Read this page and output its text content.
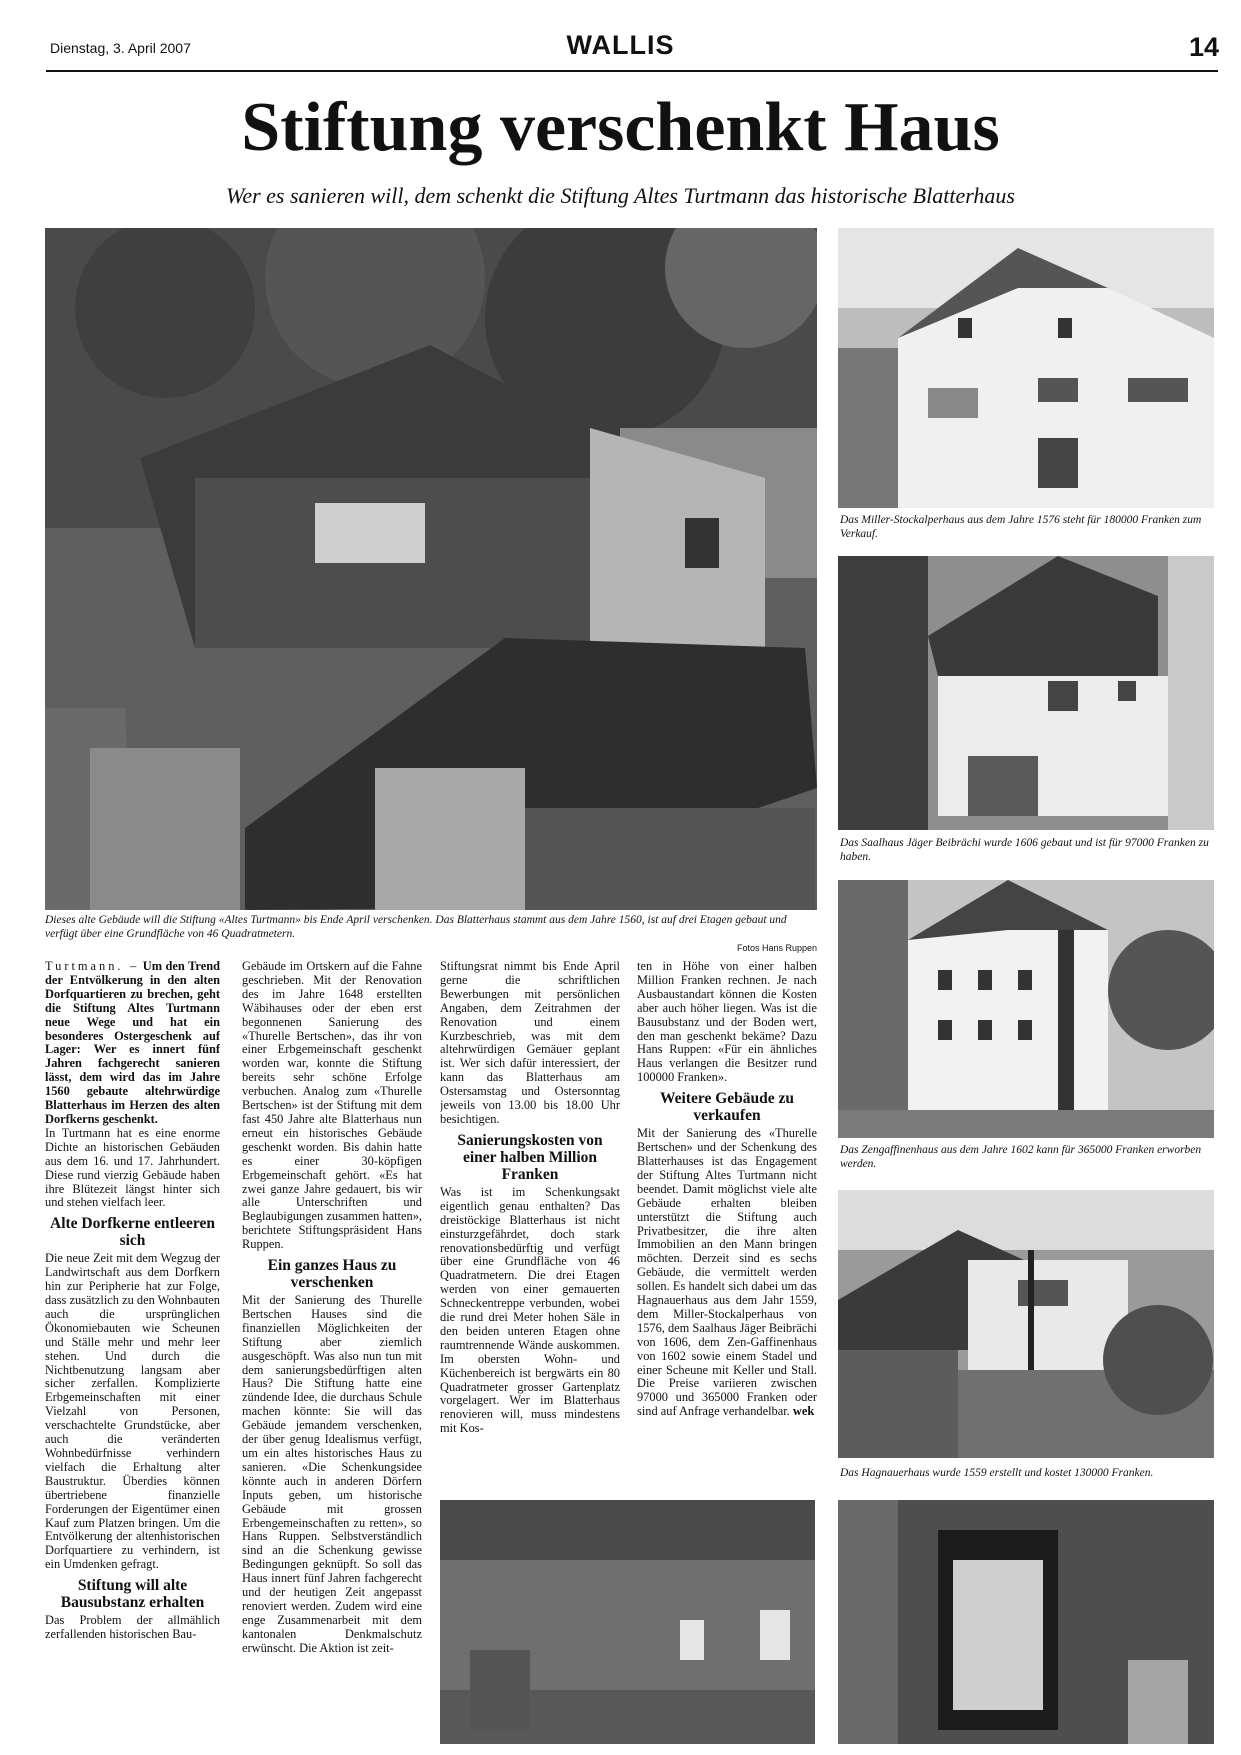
Dienstag, 3. April 2007	WALLIS	14
Stiftung verschenkt Haus
Wer es sanieren will, dem schenkt die Stiftung Altes Turtmann das historische Blatterhaus
Dieses alte Gebäude will die Stiftung «Altes Turtmann» bis Ende April verschenken. Das Blatterhaus stammt aus dem Jahre 1560, ist auf drei Etagen gebaut und verfügt über eine Grundfläche von 46 Quadratmetern.
Fotos Hans Ruppen
Das Miller-Stockalperhaus aus dem Jahre 1576 steht für 180000 Franken zum Verkauf.
Das Saalhaus Jäger Beibrächi wurde 1606 gebaut und ist für 97000 Franken zu haben.
Das Zengaffinenhaus aus dem Jahre 1602 kann für 365000 Franken erworben werden.
Das Hagnauerhaus wurde 1559 erstellt und kostet 130000 Franken.

Turtmann. – Um den Trend der Entvölkerung in den alten Dorfquartieren zu brechen, geht die Stiftung Altes Turtmann neue Wege und hat ein besonderes Ostergeschenk auf Lager: Wer es innert fünf Jahren fachgerecht sanieren lässt, dem wird das im Jahre 1560 gebaute altehrwürdige Blatterhaus im Herzen des alten Dorfkerns geschenkt.

In Turtmann hat es eine enorme Dichte an historischen Gebäuden aus dem 16. und 17. Jahrhundert. Diese rund vierzig Gebäude haben ihre Blütezeit längst hinter sich und stehen vielfach leer.

Alte Dorfkerne entleeren sich

Die neue Zeit mit dem Wegzug der Landwirtschaft aus dem Dorfkern hin zur Peripherie hat zur Folge, dass zusätzlich zu den Wohnbauten auch die ursprünglichen Ökonomiebauten wie Scheunen und Ställe mehr und mehr leer stehen. Und durch die Nichtbenutzung langsam aber sicher zerfallen. Komplizierte Erbgemeinschaften mit einer Vielzahl von Personen, verschachtelte Grundstücke, aber auch die veränderten Wohnbedürfnisse verhindern vielfach die Erhaltung alter Baustruktur. Überdies können übertriebene finanzielle Forderungen der Eigentümer einen Kauf zum Platzen bringen. Um die Entvölkerung der altenhistorischen Dorfquartiere zu verhindern, ist ein Umdenken gefragt.

Stiftung will alte Bausubstanz erhalten

Das Problem der allmählich zerfallenden historischen Bau-

Gebäude im Ortskern auf die Fahne geschrieben. Mit der Renovation des im Jahre 1648 erstellten Wäbihauses oder der eben erst begonnenen Sanierung des «Thurelle Bertschen», das ihr von einer Erbgemeinschaft geschenkt worden war, konnte die Stiftung bereits sehr schöne Erfolge verbuchen. Analog zum «Thurelle Bertschen» ist der Stiftung mit dem fast 450 Jahre alte Blatterhaus nun erneut ein historisches Gebäude geschenkt worden. Bis dahin hatte es einer 30-köpfigen Erbgemeinschaft gehört. «Es hat zwei ganze Jahre gedauert, bis wir alle Unterschriften und Beglaubigungen zusammen hatten», berichtete Stiftungspräsident Hans Ruppen.

Ein ganzes Haus zu verschenken

Mit der Sanierung des Thurelle Bertschen Hauses sind die finanziellen Möglichkeiten der Stiftung aber ziemlich ausgeschöpft. Was also nun tun mit dem sanierungsbedürftigen alten Haus? Die Stiftung hatte eine zündende Idee, die durchaus Schule machen könnte: Sie will das Gebäude jemandem verschenken, der über genug Idealismus verfügt, um ein altes historisches Haus zu sanieren. «Die Schenkungsidee könnte auch in anderen Dörfern Inputs geben, um historische Gebäude mit grossen Erbengemeinschaften zu retten», so Hans Ruppen. Selbstverständlich sind an die Schenkung gewisse Bedingungen geknüpft. So soll das Haus innert fünf Jahren fachgerecht und der heutigen Zeit angepasst renoviert werden. Zudem wird eine enge Zusammenarbeit mit dem kantonalen Denkmalschutz erwünscht. Die Aktion ist zeit-

Stiftungsrat nimmt bis Ende April gerne die schriftlichen Bewerbungen mit persönlichen Angaben, dem Zeitrahmen der Renovation und einem Kurzbeschrieb, was mit dem altehrwürdigen Gemäuer geplant ist. Wer sich dafür interessiert, der kann das Blatterhaus am Ostersamstag und Ostersonntag jeweils von 13.00 bis 18.00 Uhr besichtigen.

Sanierungskosten von einer halben Million Franken

Was ist im Schenkungsakt eigentlich genau enthalten? Das dreistöckige Blatterhaus ist nicht einsturzgefährdet, doch stark renovationsbedürftig und verfügt über eine Grundfläche von 46 Quadratmetern. Die drei Etagen werden von einer gemauerten Schneckentreppe verbunden, wobei die rund drei Meter hohen Säle in den beiden unteren Etagen ohne raumtrennende Wände auskommen. Im obersten Wohn- und Küchenbereich ist bergwärts ein 80 Quadratmeter grosser Gartenplatz vorgelagert. Wer im Blatterhaus renovieren will, muss mindestens mit Kos-

ten in Höhe von einer halben Million Franken rechnen. Je nach Ausbaustandart können die Kosten aber auch höher liegen. Was ist die Bausubstanz und der Boden wert, den man geschenkt bekäme? Dazu Hans Ruppen: «Für ein ähnliches Haus verlangen die Besitzer rund 100000 Franken».

Weitere Gebäude zu verkaufen

Mit der Sanierung des «Thurelle Bertschen» und der Schenkung des Blatterhauses ist das Engagement der Stiftung Altes Turtmann nicht beendet. Damit möglichst viele alte Gebäude erhalten bleiben unterstützt die Stiftung auch Privatbesitzer, die ihre alten Immobilien an den Mann bringen möchten. Derzeit sind es sechs Gebäude, die vermittelt werden sollen. Es handelt sich dabei um das Hagnauerhaus aus dem Jahr 1559, dem Miller-Stockalperhaus von 1576, dem Saalhaus Jäger Beibrächi von 1606, dem Zen-Gaffinenhaus von 1602 sowie einem Stadel und einer Scheune mit Keller und Stall. Die Preise variieren zwischen 97000 und 365000 Franken oder sind auf Anfrage verhandelbar. wek
